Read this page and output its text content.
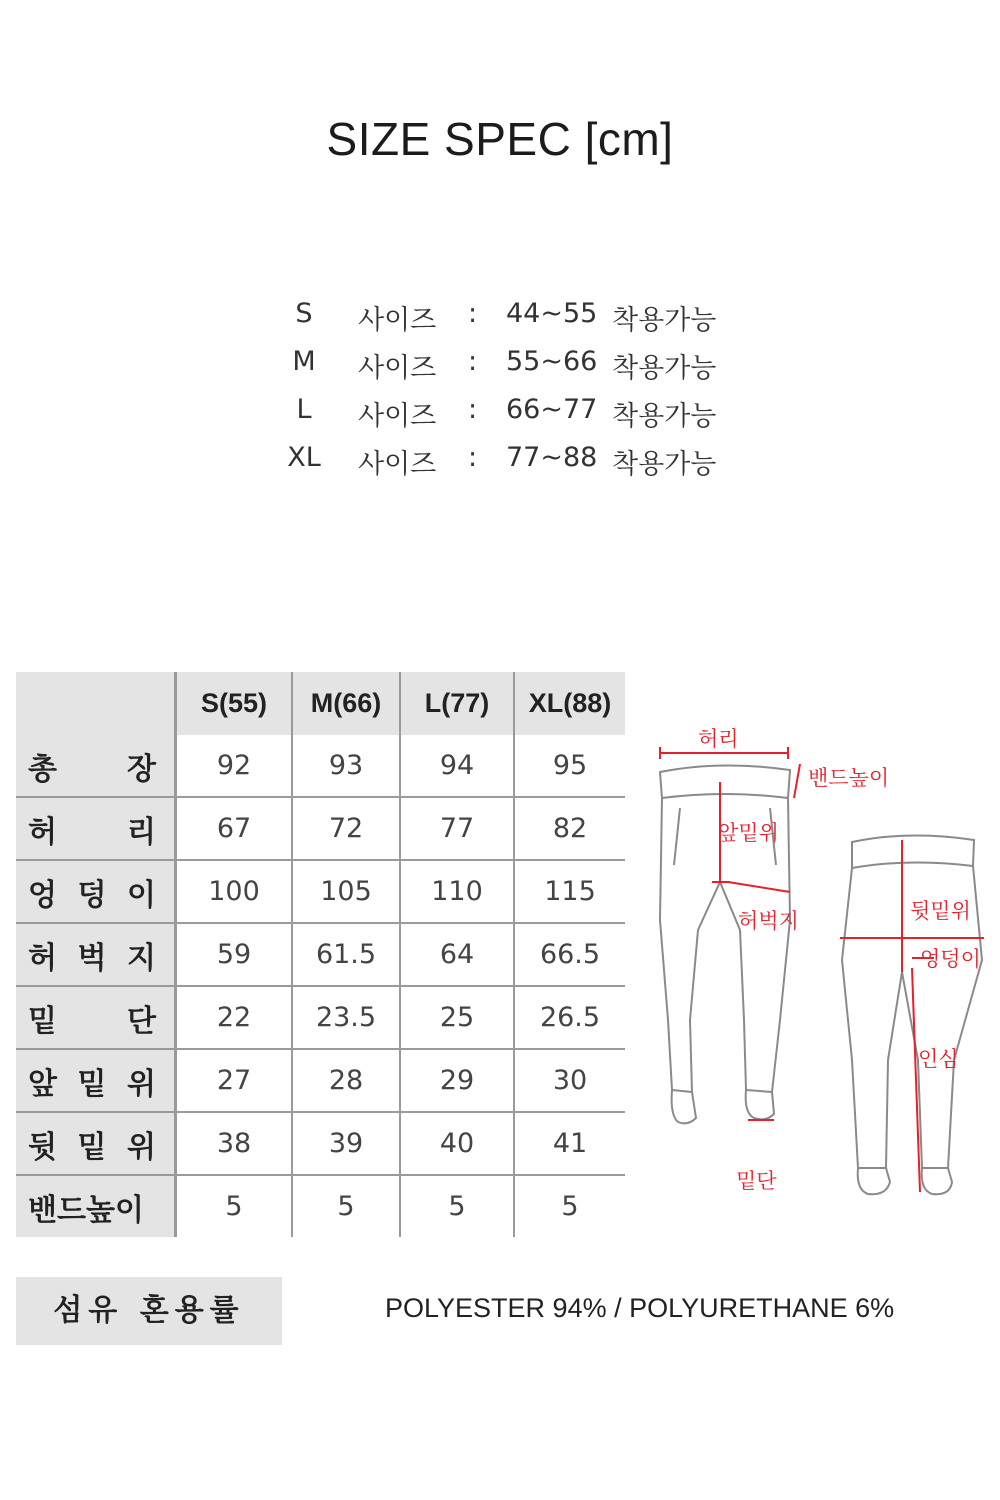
SIZE SPEC [cm]
S	사이즈 : 44~55 착용가능
M	사이즈 : 55~66 착용가능
L	사이즈 : 66~77 착용가능
XL 사이즈 : 77~88 착용가능
	S(55)	M(66)	L(77)	XL(88)
총 장	92	93	94	95
허 리	67	72	77	82
엉 덩 이	100	105	110	115
허 벅 지	59	61.5	64	66.5
밑 단	22	23.5	25	26.5
앞 밑 위	27	28	29	30
뒷 밑 위	38	39	40	41
밴드높이	5	5	5	5
허리
밴드높이
앞밑위
허벅지
밑단
뒷밑위
엉덩이
인심
섬유 혼용률	POLYESTER 94% / POLYURETHANE 6%
